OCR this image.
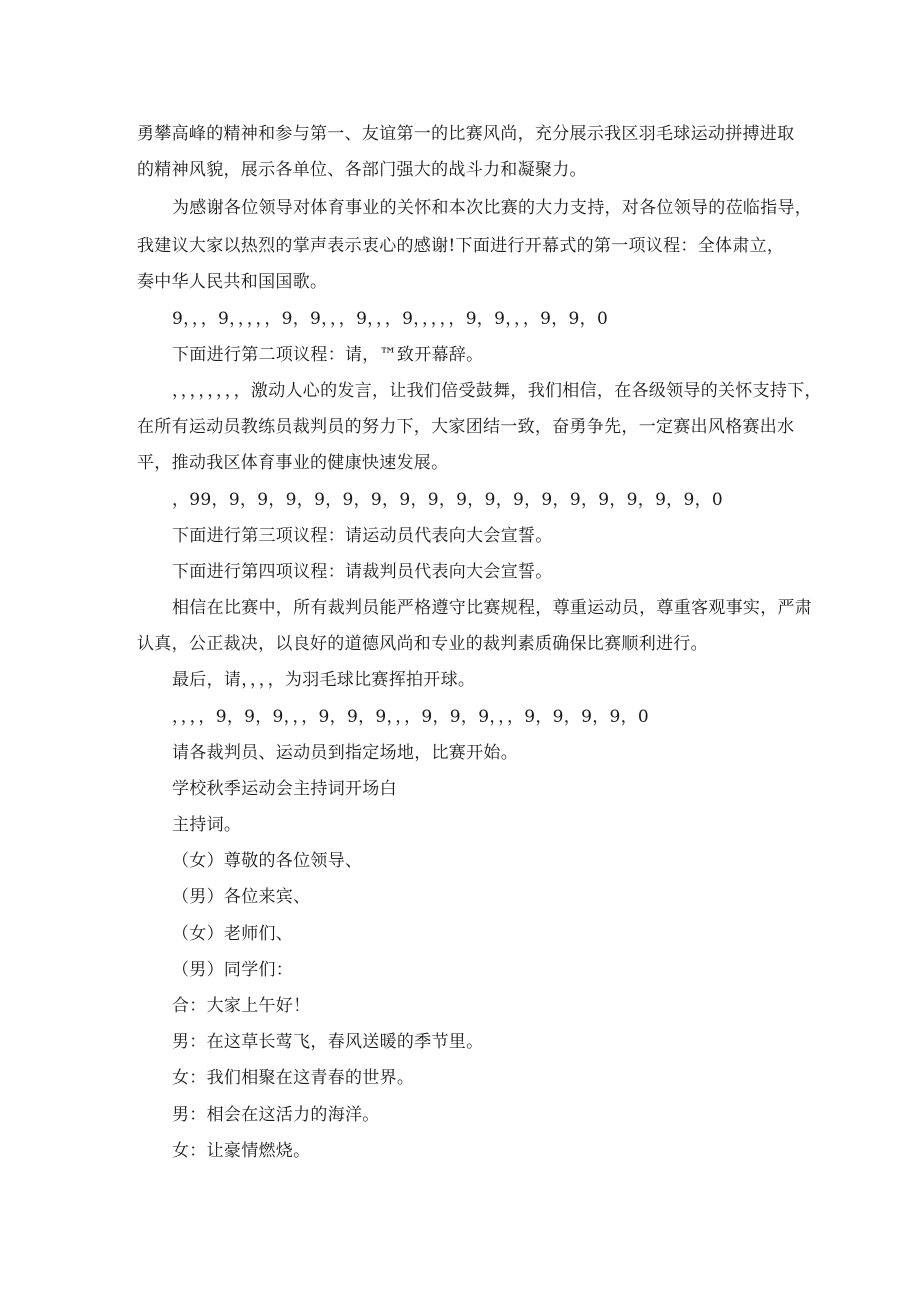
勇攀高峰的精神和参与第一、友谊第一的比赛风尚，充分展示我区羽毛球运动拼搏进取
的精神风貌，展示各单位、各部门强大的战斗力和凝聚力。
为感谢各位领导对体育事业的关怀和本次比赛的大力支持，对各位领导的莅临指导，
我建议大家以热烈的掌声表示衷心的感谢!下面进行开幕式的第一项议程：全体肃立，
奏中华人民共和国国歌。
9，，，9，，，，，9，9，，，9，，，9，，，，，9，9，，，9，9，0
下面进行第二项议程：请，™致开幕辞。
，，，，，，，，激动人心的发言，让我们倍受鼓舞，我们相信，在各级领导的关怀支持下，
在所有运动员教练员裁判员的努力下，大家团结一致，奋勇争先，一定赛出风格赛出水
平，推动我区体育事业的健康快速发展。
，99，9，9，9，9，9，9，9，9，9，9，9，9，9，9，9，9，9，0
下面进行第三项议程：请运动员代表向大会宣誓。
下面进行第四项议程：请裁判员代表向大会宣誓。
相信在比赛中，所有裁判员能严格遵守比赛规程，尊重运动员，尊重客观事实，严肃
认真，公正裁决，以良好的道德风尚和专业的裁判素质确保比赛顺利进行。
最后，请，，，，为羽毛球比赛挥拍开球。
，，，，9，9，9，，，9，9，9，，，9，9，9，，，9，9，9，9，0
请各裁判员、运动员到指定场地，比赛开始。
学校秋季运动会主持词开场白
主持词。
（女）尊敬的各位领导、
（男）各位来宾、
（女）老师们、
（男）同学们：
合：大家上午好！
男：在这草长莺飞，春风送暖的季节里。
女：我们相聚在这青春的世界。
男：相会在这活力的海洋。
女：让豪情燃烧。
